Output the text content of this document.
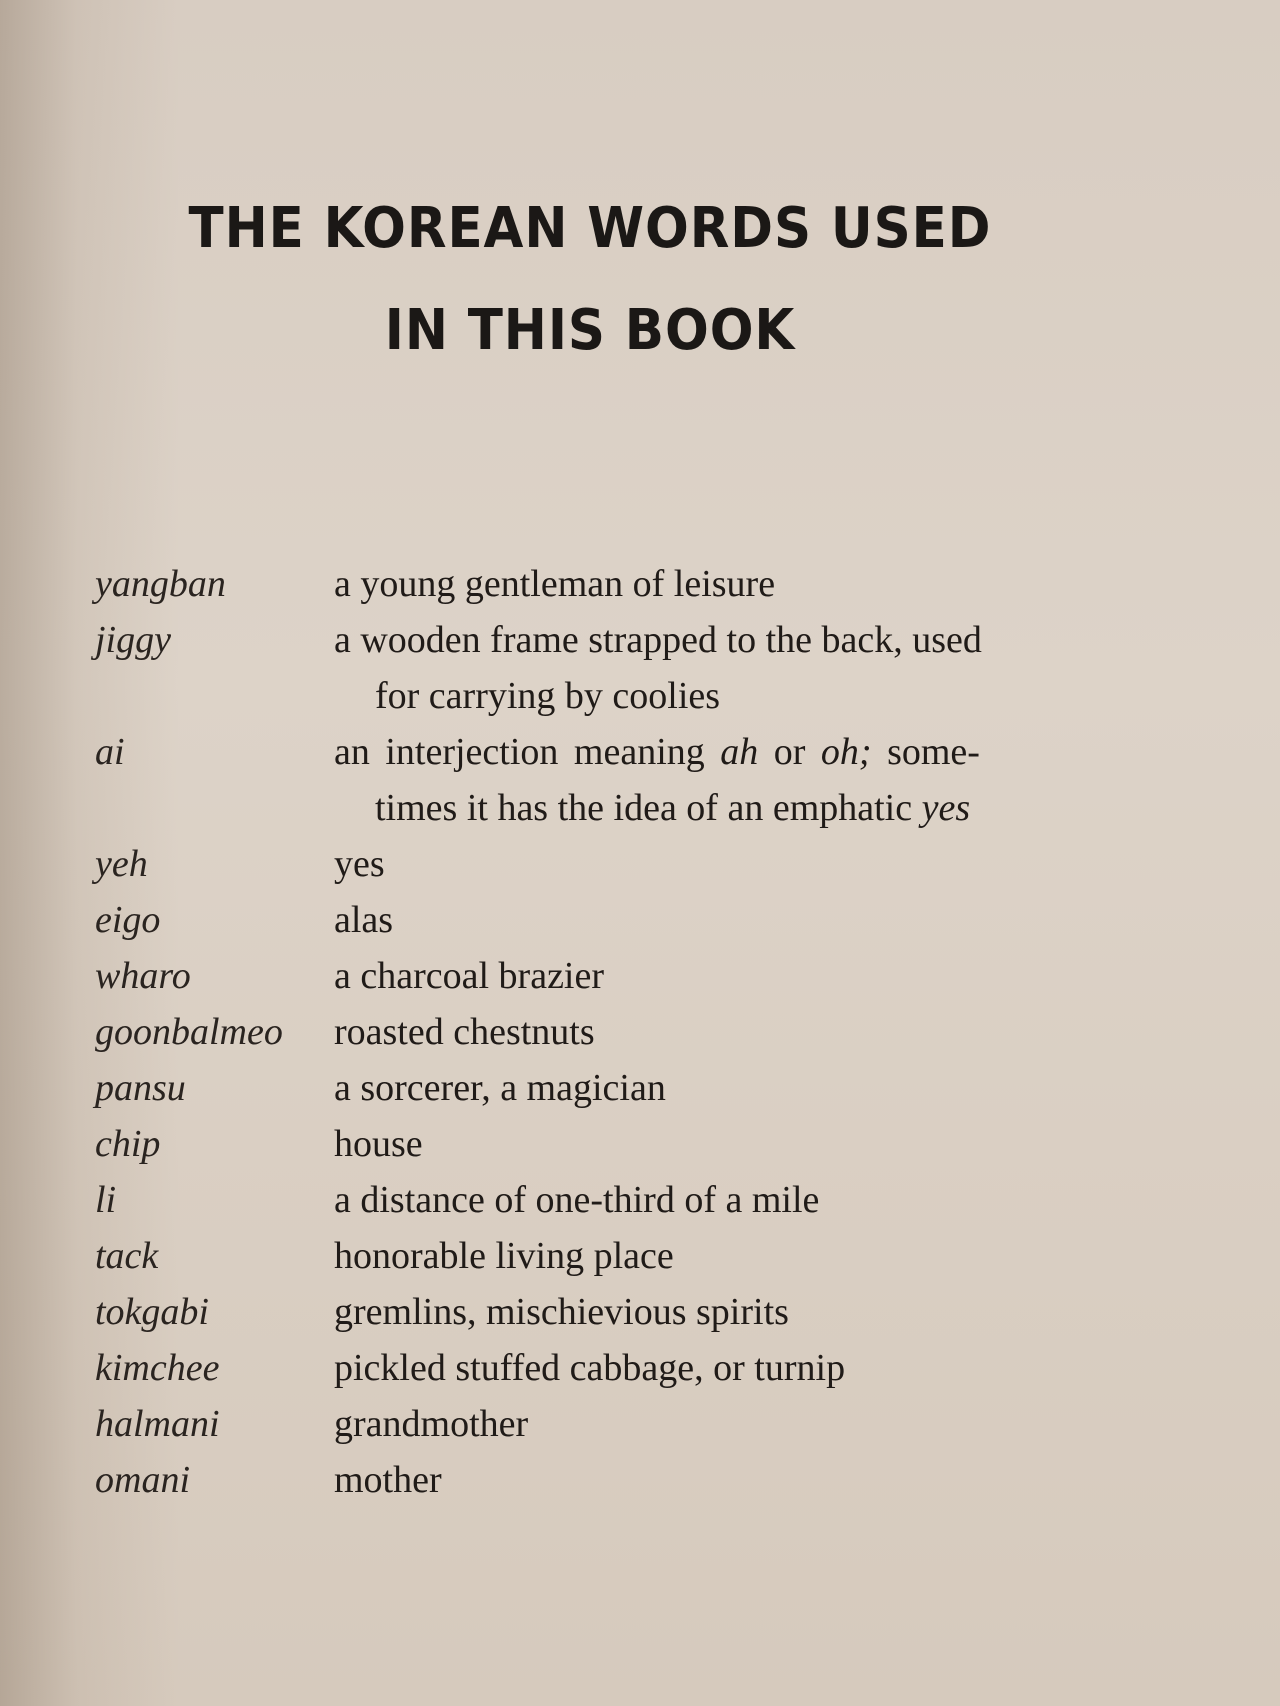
THE KOREAN WORDS USED
IN THIS BOOK
yangban	a young gentleman of leisure
jiggy	a wooden frame strapped to the back, used
for carrying by coolies
ai	an interjection meaning ah or oh; some-
times it has the idea of an emphatic yes
yeh	yes
eigo	alas
wharo	a charcoal brazier
goonbalmeo roasted chestnuts
pansu	a sorcerer, a magician
chip	house
li	a distance of one-third of a mile
tack	honorable living place
tokgabi	gremlins, mischievious spirits
kimchee	pickled stuffed cabbage, or turnip
halmani	grandmother
omani	mother
